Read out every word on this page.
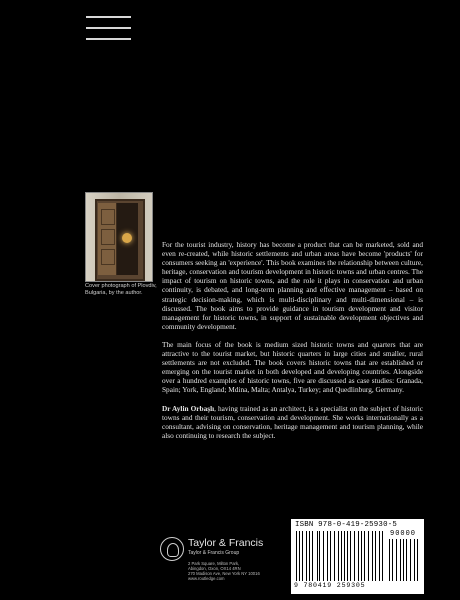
Cover photograph of Plovdiv, Bulgaria, by the author.

For the tourist industry, history has become a product that can be marketed, sold and even re-created, while historic settlements and urban areas have become 'products' for consumers seeking an 'experience'. This book examines the relationship between culture, heritage, conservation and tourism development in historic towns and urban centres. The impact of tourism on historic towns, and the role it plays in conservation and urban continuity, is debated, and long-term planning and effective management – based on strategic decision-making, which is multi-disciplinary and multi-dimensional – is discussed. The book aims to provide guidance in tourism development and visitor management for historic towns, in support of sustainable development objectives and community development.

The main focus of the book is medium sized historic towns and quarters that are attractive to the tourist market, but historic quarters in large cities and smaller, rural settlements are not excluded. The book covers historic towns that are established or emerging on the tourist market in both developed and developing countries. Alongside over a hundred examples of historic towns, five are discussed as case studies: Granada, Spain; York, England; Mdina, Malta; Antalya, Turkey; and Quedlinburg, Germany.

Dr Aylin Orbaşlı, having trained as an architect, is a specialist on the subject of historic towns and their tourism, conservation and development. She works internationally as a consultant, advising on conservation, heritage management and tourism planning, while also continuing to research the subject.

Taylor & Francis
Taylor & Francis Group
2 Park Square, Milton Park,
Abingdon, Oxon, OX14 4RN
270 Madison Ave, New York NY 10016
www.routledge.com
ISBN 978-0-419-25930-5
90000
9 780419 259305
